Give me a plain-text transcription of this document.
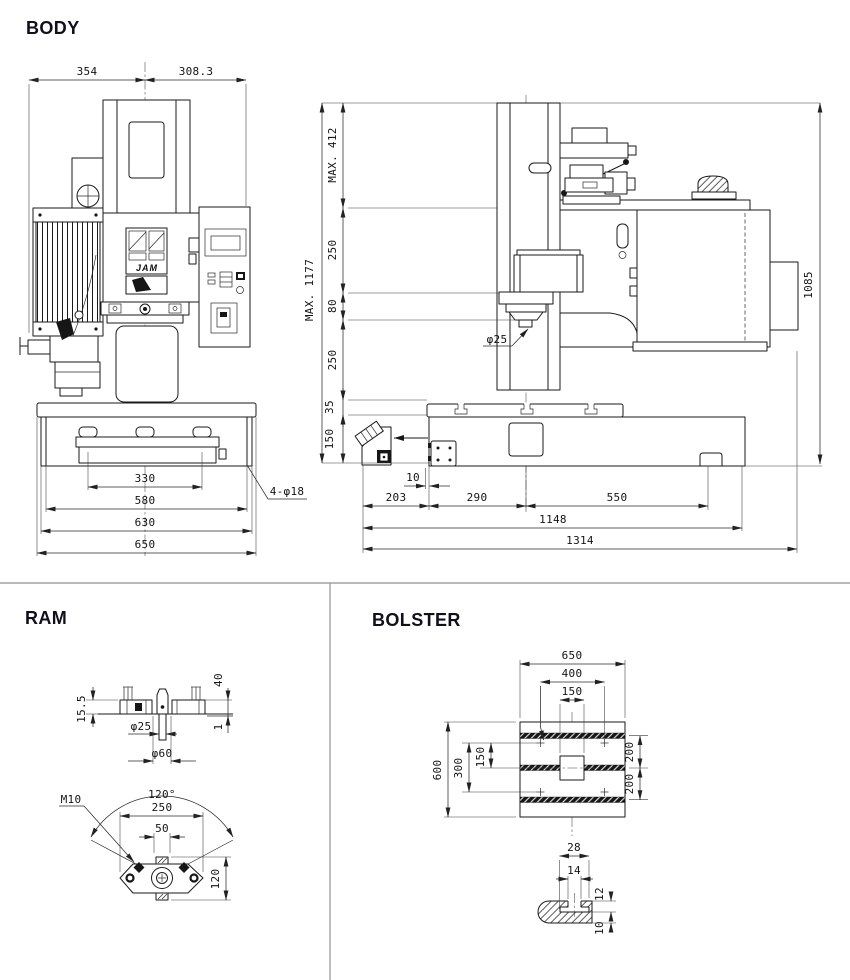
BODY
RAM	BOLSTER
JAM
354	308.3
330
580
630
650
4-φ18
MAX. 1177
MAX. 412
250
80
250
35
150
1085
φ25
10
203	290	550
1148
1314
15.5
40
1
φ25
φ60
120°
250
50
M10
120
650
400
150
600 300
150	200
200
28
14
12
10
